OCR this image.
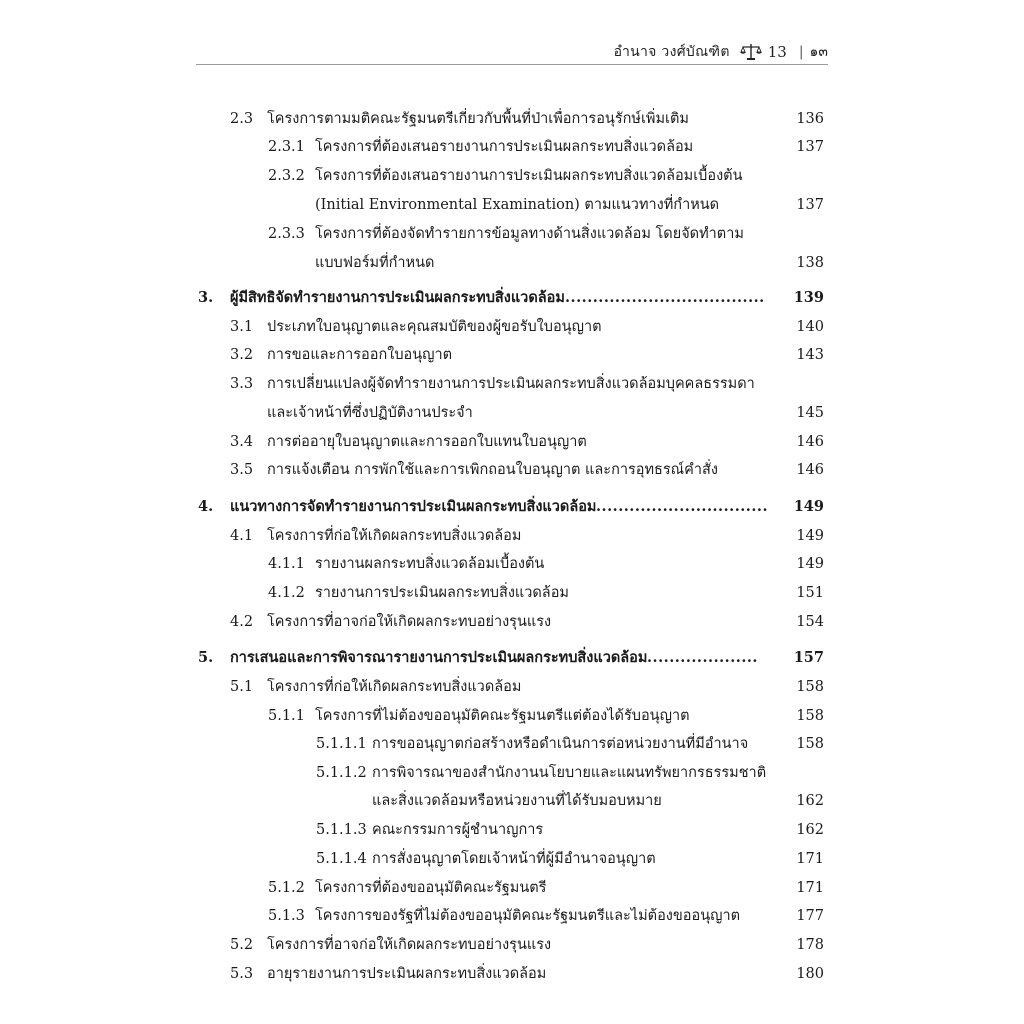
อำนาจ วงศ์บัณฑิต	13 | ๑๓
2.3 โครงการตามมติคณะรัฐมนตรีเกี่ยวกับพื้นที่ป่าเพื่อการอนุรักษ์เพิ่มเติม	136
2.3.1 โครงการที่ต้องเสนอรายงานการประเมินผลกระทบสิ่งแวดล้อม	137
2.3.2 โครงการที่ต้องเสนอรายงานการประเมินผลกระทบสิ่งแวดล้อมเบื้องต้น
(Initial Environmental Examination) ตามแนวทางที่กำหนด	137
2.3.3 โครงการที่ต้องจัดทำรายการข้อมูลทางด้านสิ่งแวดล้อม โดยจัดทำตาม
แบบฟอร์มที่กำหนด	138
3. ผู้มีสิทธิจัดทำรายงานการประเมินผลกระทบสิ่งแวดล้อม ....................................	139
3.1 ประเภทใบอนุญาตและคุณสมบัติของผู้ขอรับใบอนุญาต	140
3.2 การขอและการออกใบอนุญาต	143
3.3 การเปลี่ยนแปลงผู้จัดทำรายงานการประเมินผลกระทบสิ่งแวดล้อมบุคคลธรรมดา
และเจ้าหน้าที่ซึ่งปฏิบัติงานประจำ	145
3.4 การต่ออายุใบอนุญาตและการออกใบแทนใบอนุญาต	146
3.5 การแจ้งเตือน การพักใช้และการเพิกถอนใบอนุญาต และการอุทธรณ์คำสั่ง	146
4. แนวทางการจัดทำรายงานการประเมินผลกระทบสิ่งแวดล้อม ...............................	149
4.1 โครงการที่ก่อให้เกิดผลกระทบสิ่งแวดล้อม	149
4.1.1 รายงานผลกระทบสิ่งแวดล้อมเบื้องต้น	149
4.1.2 รายงานการประเมินผลกระทบสิ่งแวดล้อม	151
4.2 โครงการที่อาจก่อให้เกิดผลกระทบอย่างรุนแรง	154
5. การเสนอและการพิจารณารายงานการประเมินผลกระทบสิ่งแวดล้อม ....................	157
5.1 โครงการที่ก่อให้เกิดผลกระทบสิ่งแวดล้อม	158
5.1.1 โครงการที่ไม่ต้องขออนุมัติคณะรัฐมนตรีแต่ต้องได้รับอนุญาต	158
5.1.1.1 การขออนุญาตก่อสร้างหรือดำเนินการต่อหน่วยงานที่มีอำนาจ	158
5.1.1.2 การพิจารณาของสำนักงานนโยบายและแผนทรัพยากรธรรมชาติ
และสิ่งแวดล้อมหรือหน่วยงานที่ได้รับมอบหมาย	162
5.1.1.3 คณะกรรมการผู้ชำนาญการ	162
5.1.1.4 การสั่งอนุญาตโดยเจ้าหน้าที่ผู้มีอำนาจอนุญาต	171
5.1.2 โครงการที่ต้องขออนุมัติคณะรัฐมนตรี	171
5.1.3 โครงการของรัฐที่ไม่ต้องขออนุมัติคณะรัฐมนตรีและไม่ต้องขออนุญาต	177
5.2 โครงการที่อาจก่อให้เกิดผลกระทบอย่างรุนแรง	178
5.3 อายุรายงานการประเมินผลกระทบสิ่งแวดล้อม	180
